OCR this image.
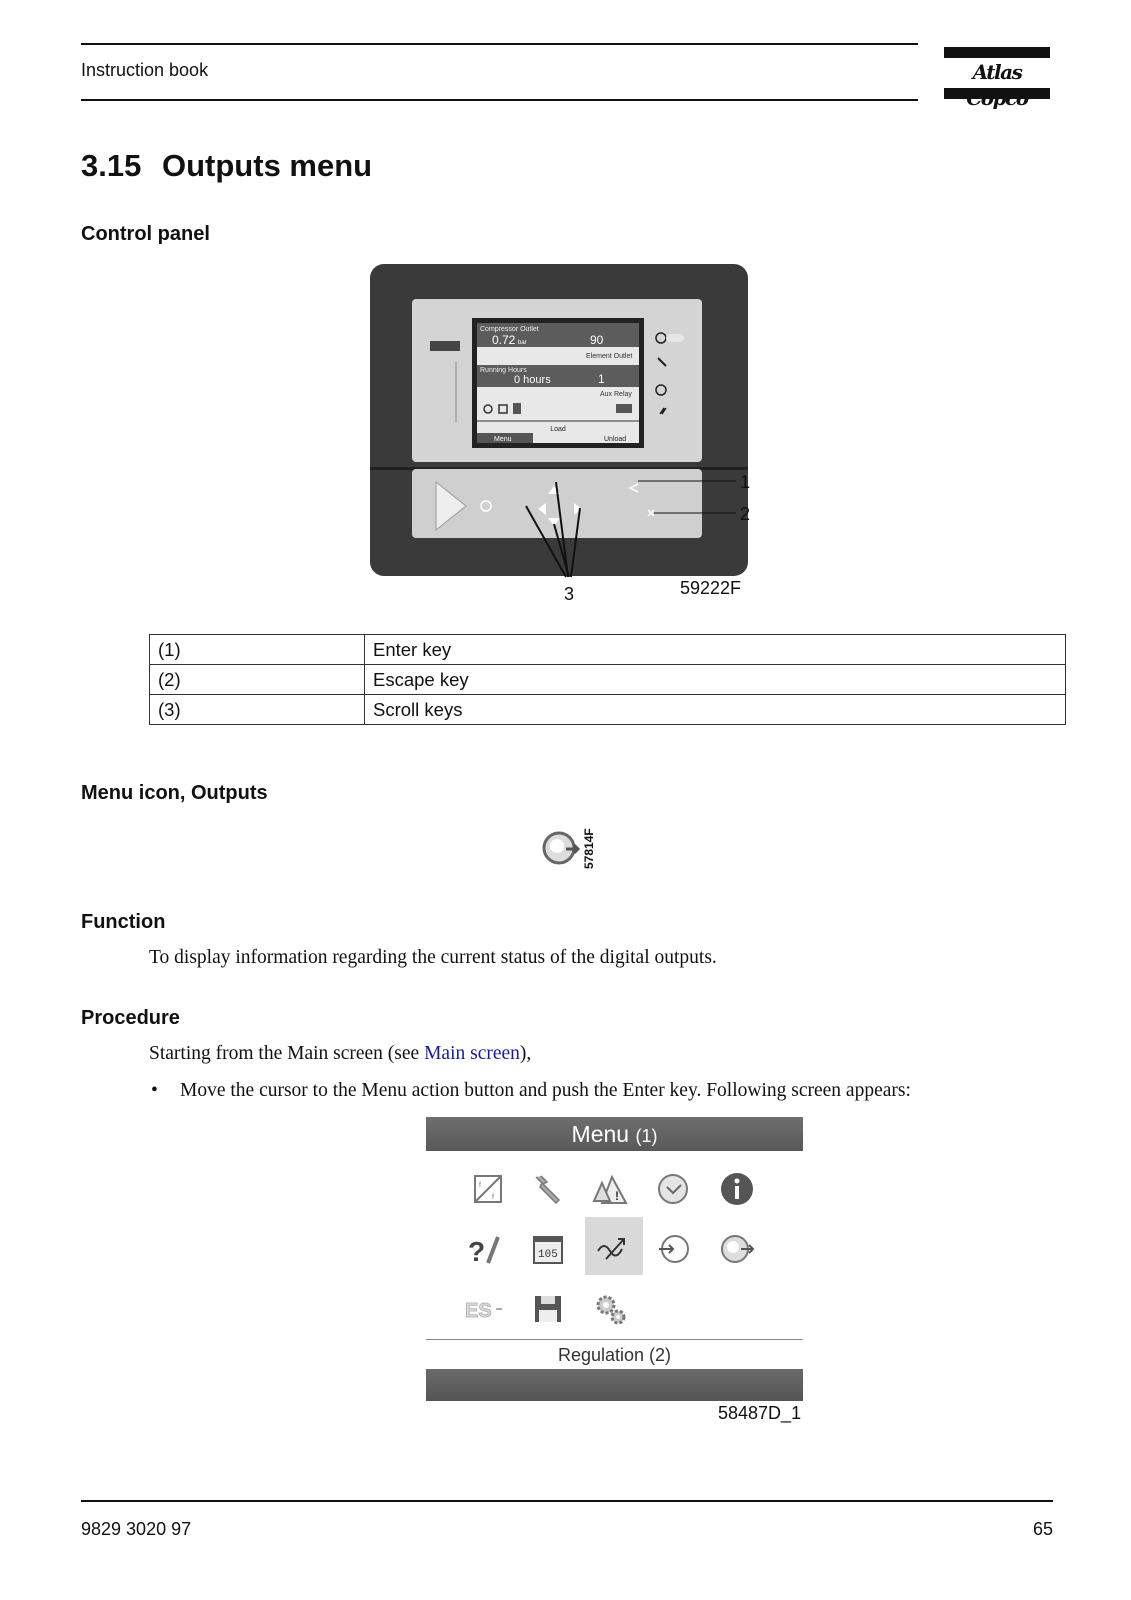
Instruction book	Atlas
3.15 Outputs menu
Control panel
Compressor Outlet
0.72 bar	90
Element Outlet
Running Hours
0 hours	1
Aux Relay
Load
Menu	Unload
1
2
3	59222F
(1)	Enter key
(2)	Escape key
(3)	Scroll keys
Menu icon, Outputs
57814F
Function
To display information regarding the current status of the digital outputs.
Procedure
Starting from the Main screen (see Main screen),
• Move the cursor to the Menu action button and push the Enter key. Following screen appears:
Menu (1)
f
f	!
?	105
ES
Regulation (2)
58487D_1
9829 3020 97	65
